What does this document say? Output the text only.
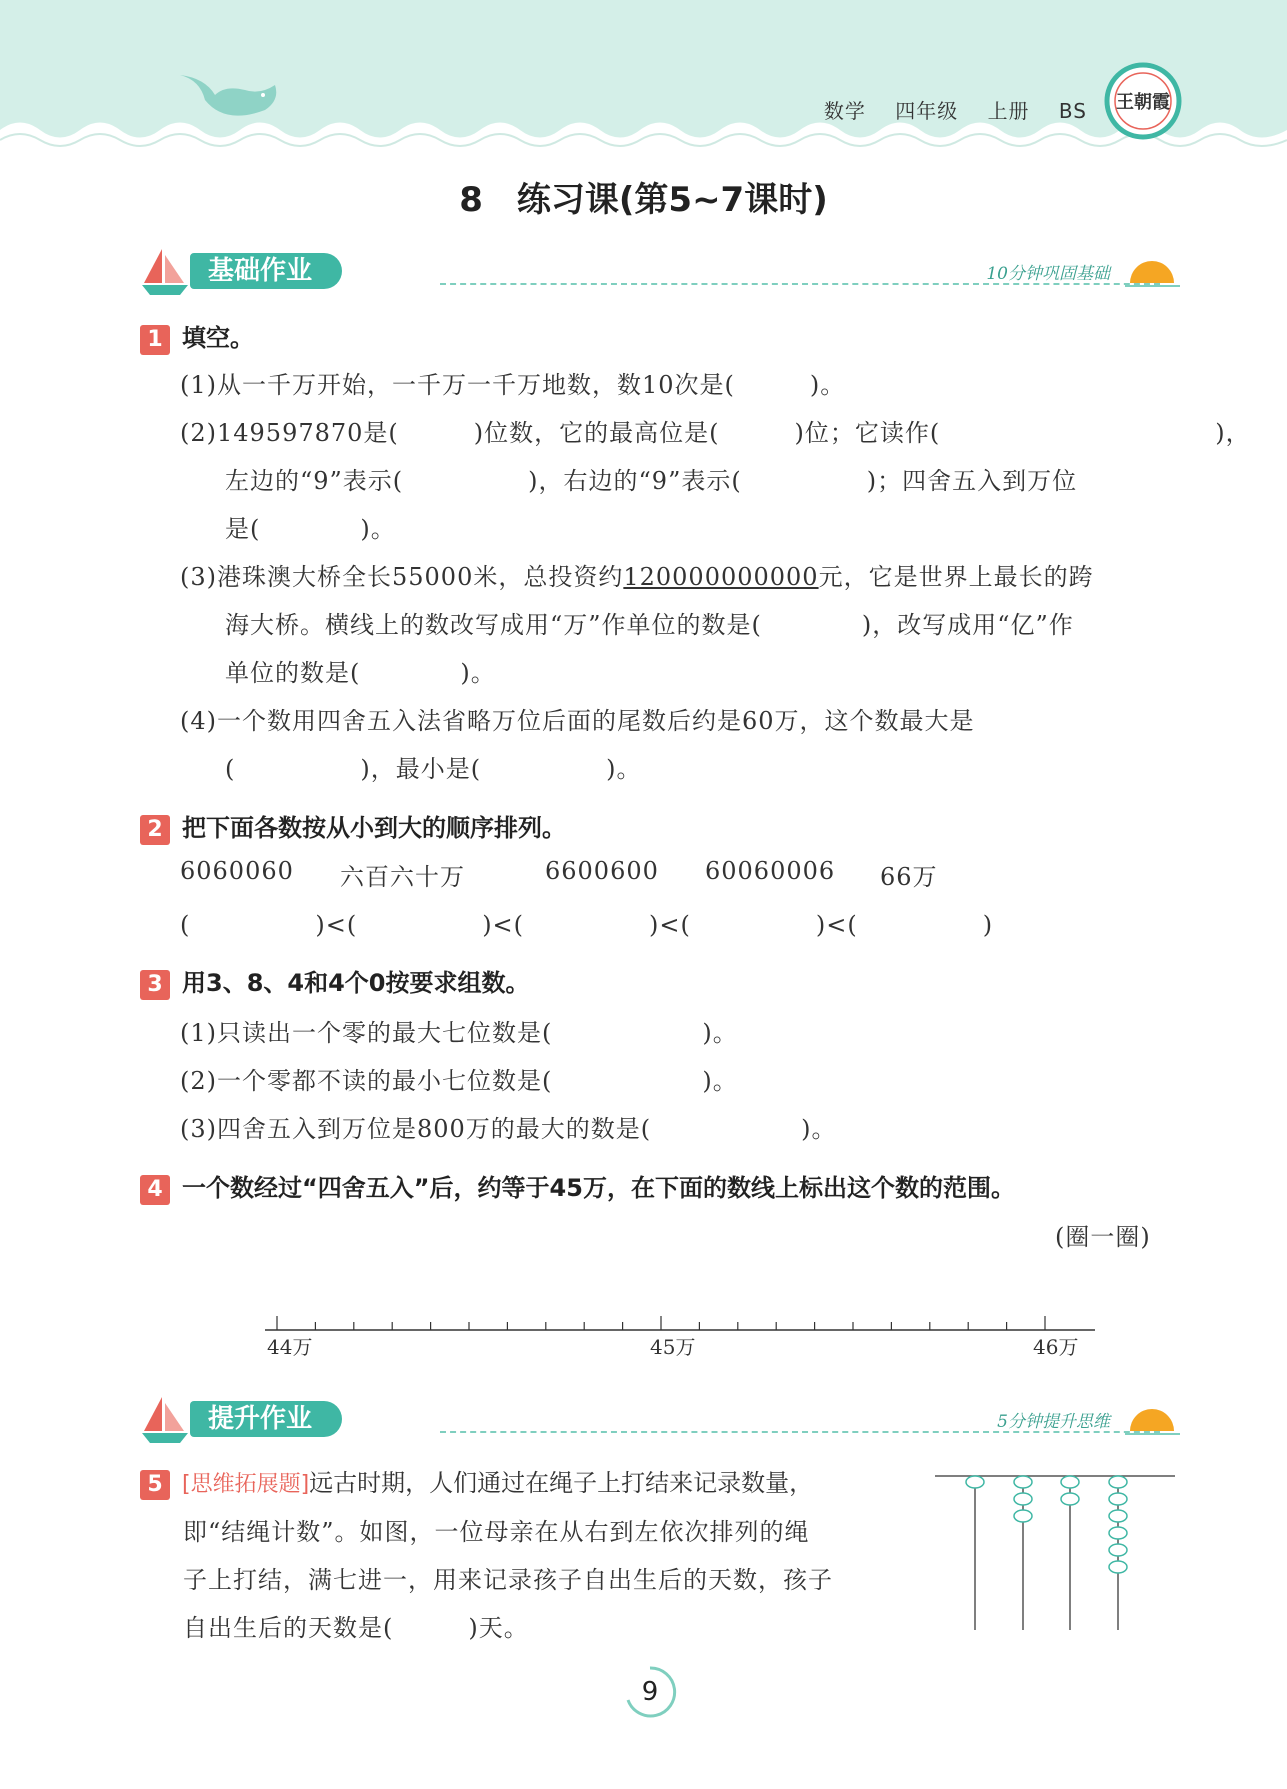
数学 四年级 上册 BS 王朝霞
8　练习课(第5~7课时)
基础作业	10分钟巩固基础
1 填空。
(1)从一千万开始，一千万一千万地数，数10次是(　　　)。
(2)149597870是(　　　)位数，它的最高位是(　　　)位；它读作(　　　　　　　　　　　)，
左边的“9”表示(　　　　　)，右边的“9”表示(　　　　　)；四舍五入到万位
是(　　　　)。
(3)港珠澳大桥全长55000米，总投资约120000000000元，它是世界上最长的跨
海大桥。横线上的数改写成用“万”作单位的数是(　　　　)，改写成用“亿”作
单位的数是(　　　　)。
(4)一个数用四舍五入法省略万位后面的尾数后约是60万，这个数最大是
(　　　　　)，最小是(　　　　　)。
2 把下面各数按从小到大的顺序排列。
6060060 六百六十万	6600600 60060006 66万
(　　　　　)<(　　　　　)<(　　　　　)<(　　　　　)<(　　　　　)
3 用3、8、4和4个0按要求组数。
(1)只读出一个零的最大七位数是(　　　　　　)。
(2)一个零都不读的最小七位数是(　　　　　　)。
(3)四舍五入到万位是800万的最大的数是(　　　　　　)。
4 一个数经过“四舍五入”后，约等于45万，在下面的数线上标出这个数的范围。
(圈一圈)
44万	45万	46万
提升作业	5分钟提升思维
5 [思维拓展题]远古时期，人们通过在绳子上打结来记录数量，
即“结绳计数”。如图，一位母亲在从右到左依次排列的绳
子上打结，满七进一，用来记录孩子自出生后的天数，孩子
自出生后的天数是(　　　)天。
9
